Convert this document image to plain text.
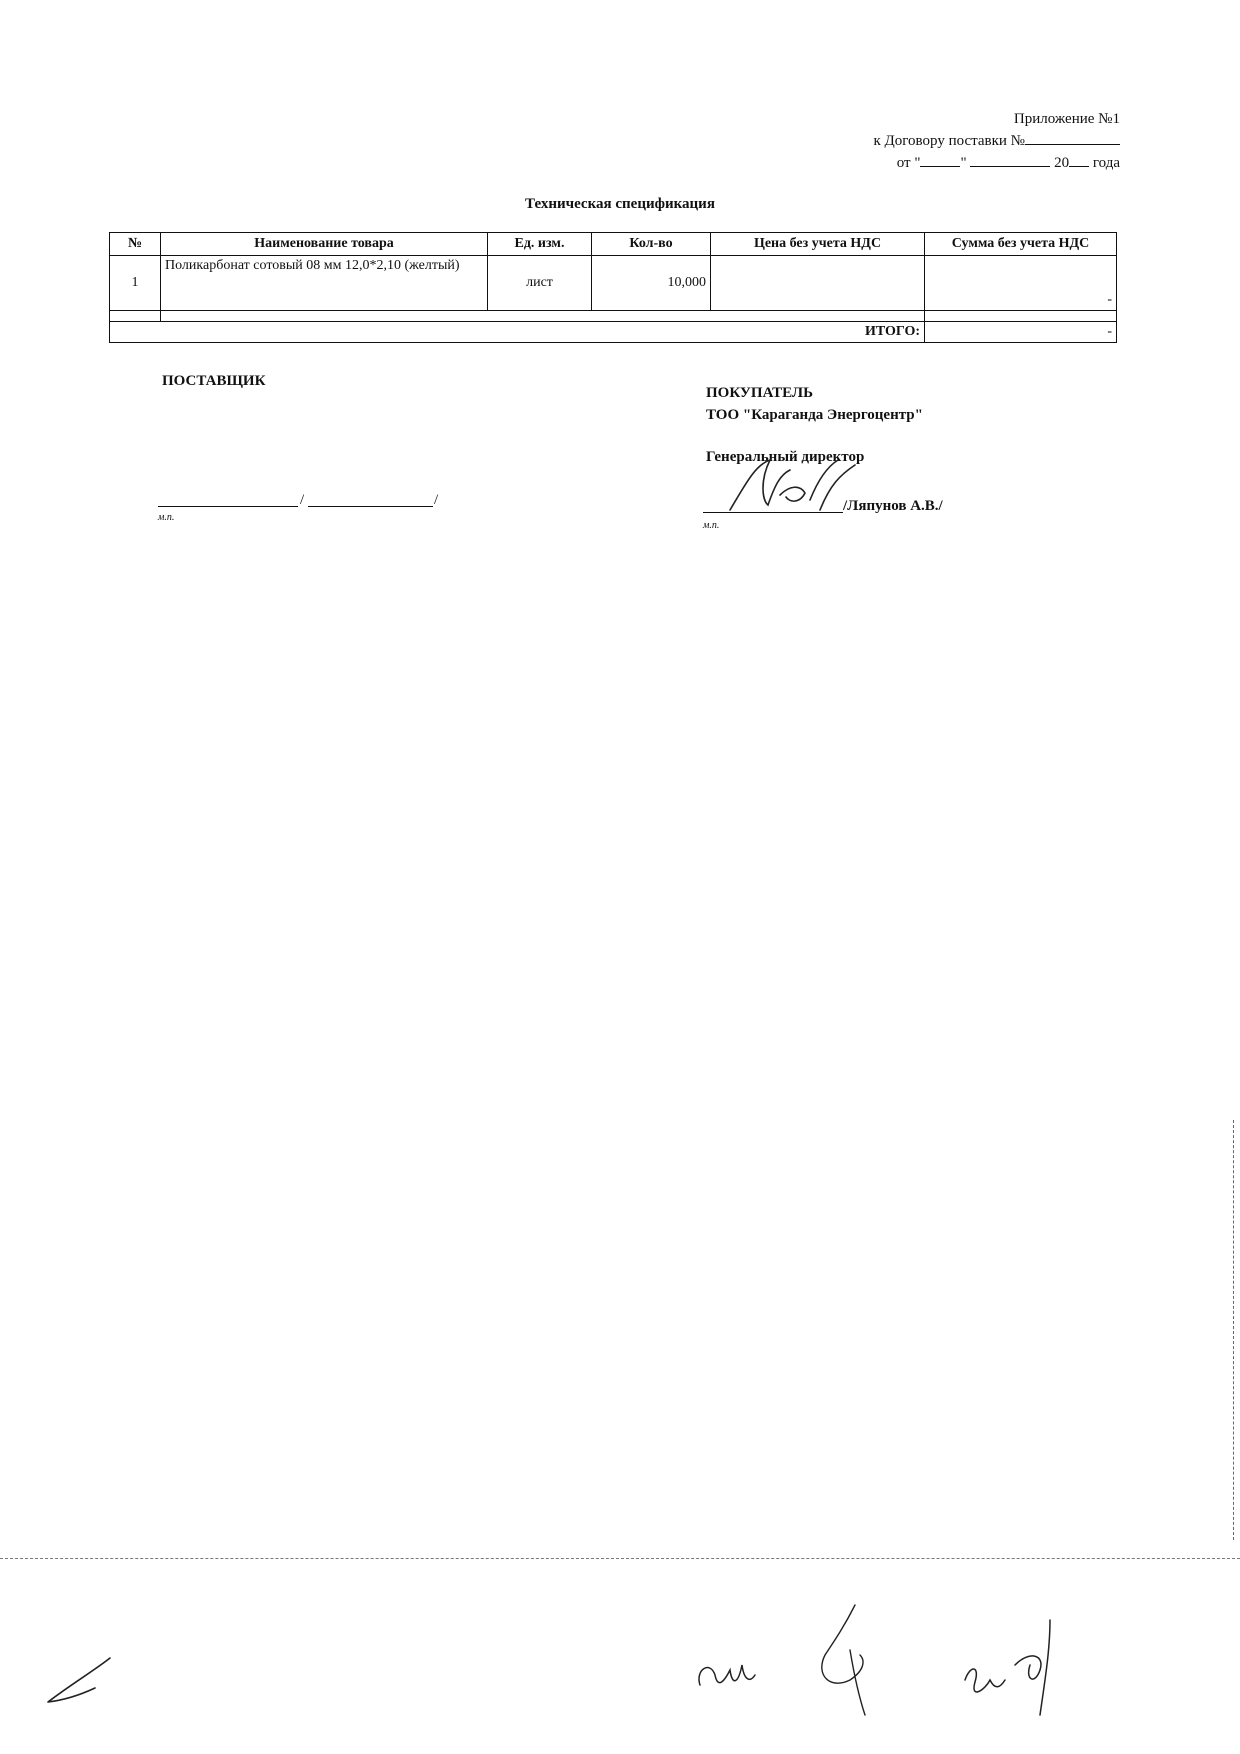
Приложение №1
к Договору поставки №
от "	"	20 года
Техническая спецификация
№	Наименование товара	Ед. изм.	Кол-во	Цена без учета НДС	Сумма без учета НДС
1	Поликарбонат сотовый 08 мм 12,0*2,10 (желтый)	лист	10,000		-

ИТОГО:					-
ПОСТАВЩИК
/	/
м.п.
ПОКУПАТЕЛЬ
ТОО "Караганда Энергоцентр"
Генеральный директор
/Ляпунов А.В./
м.п.
